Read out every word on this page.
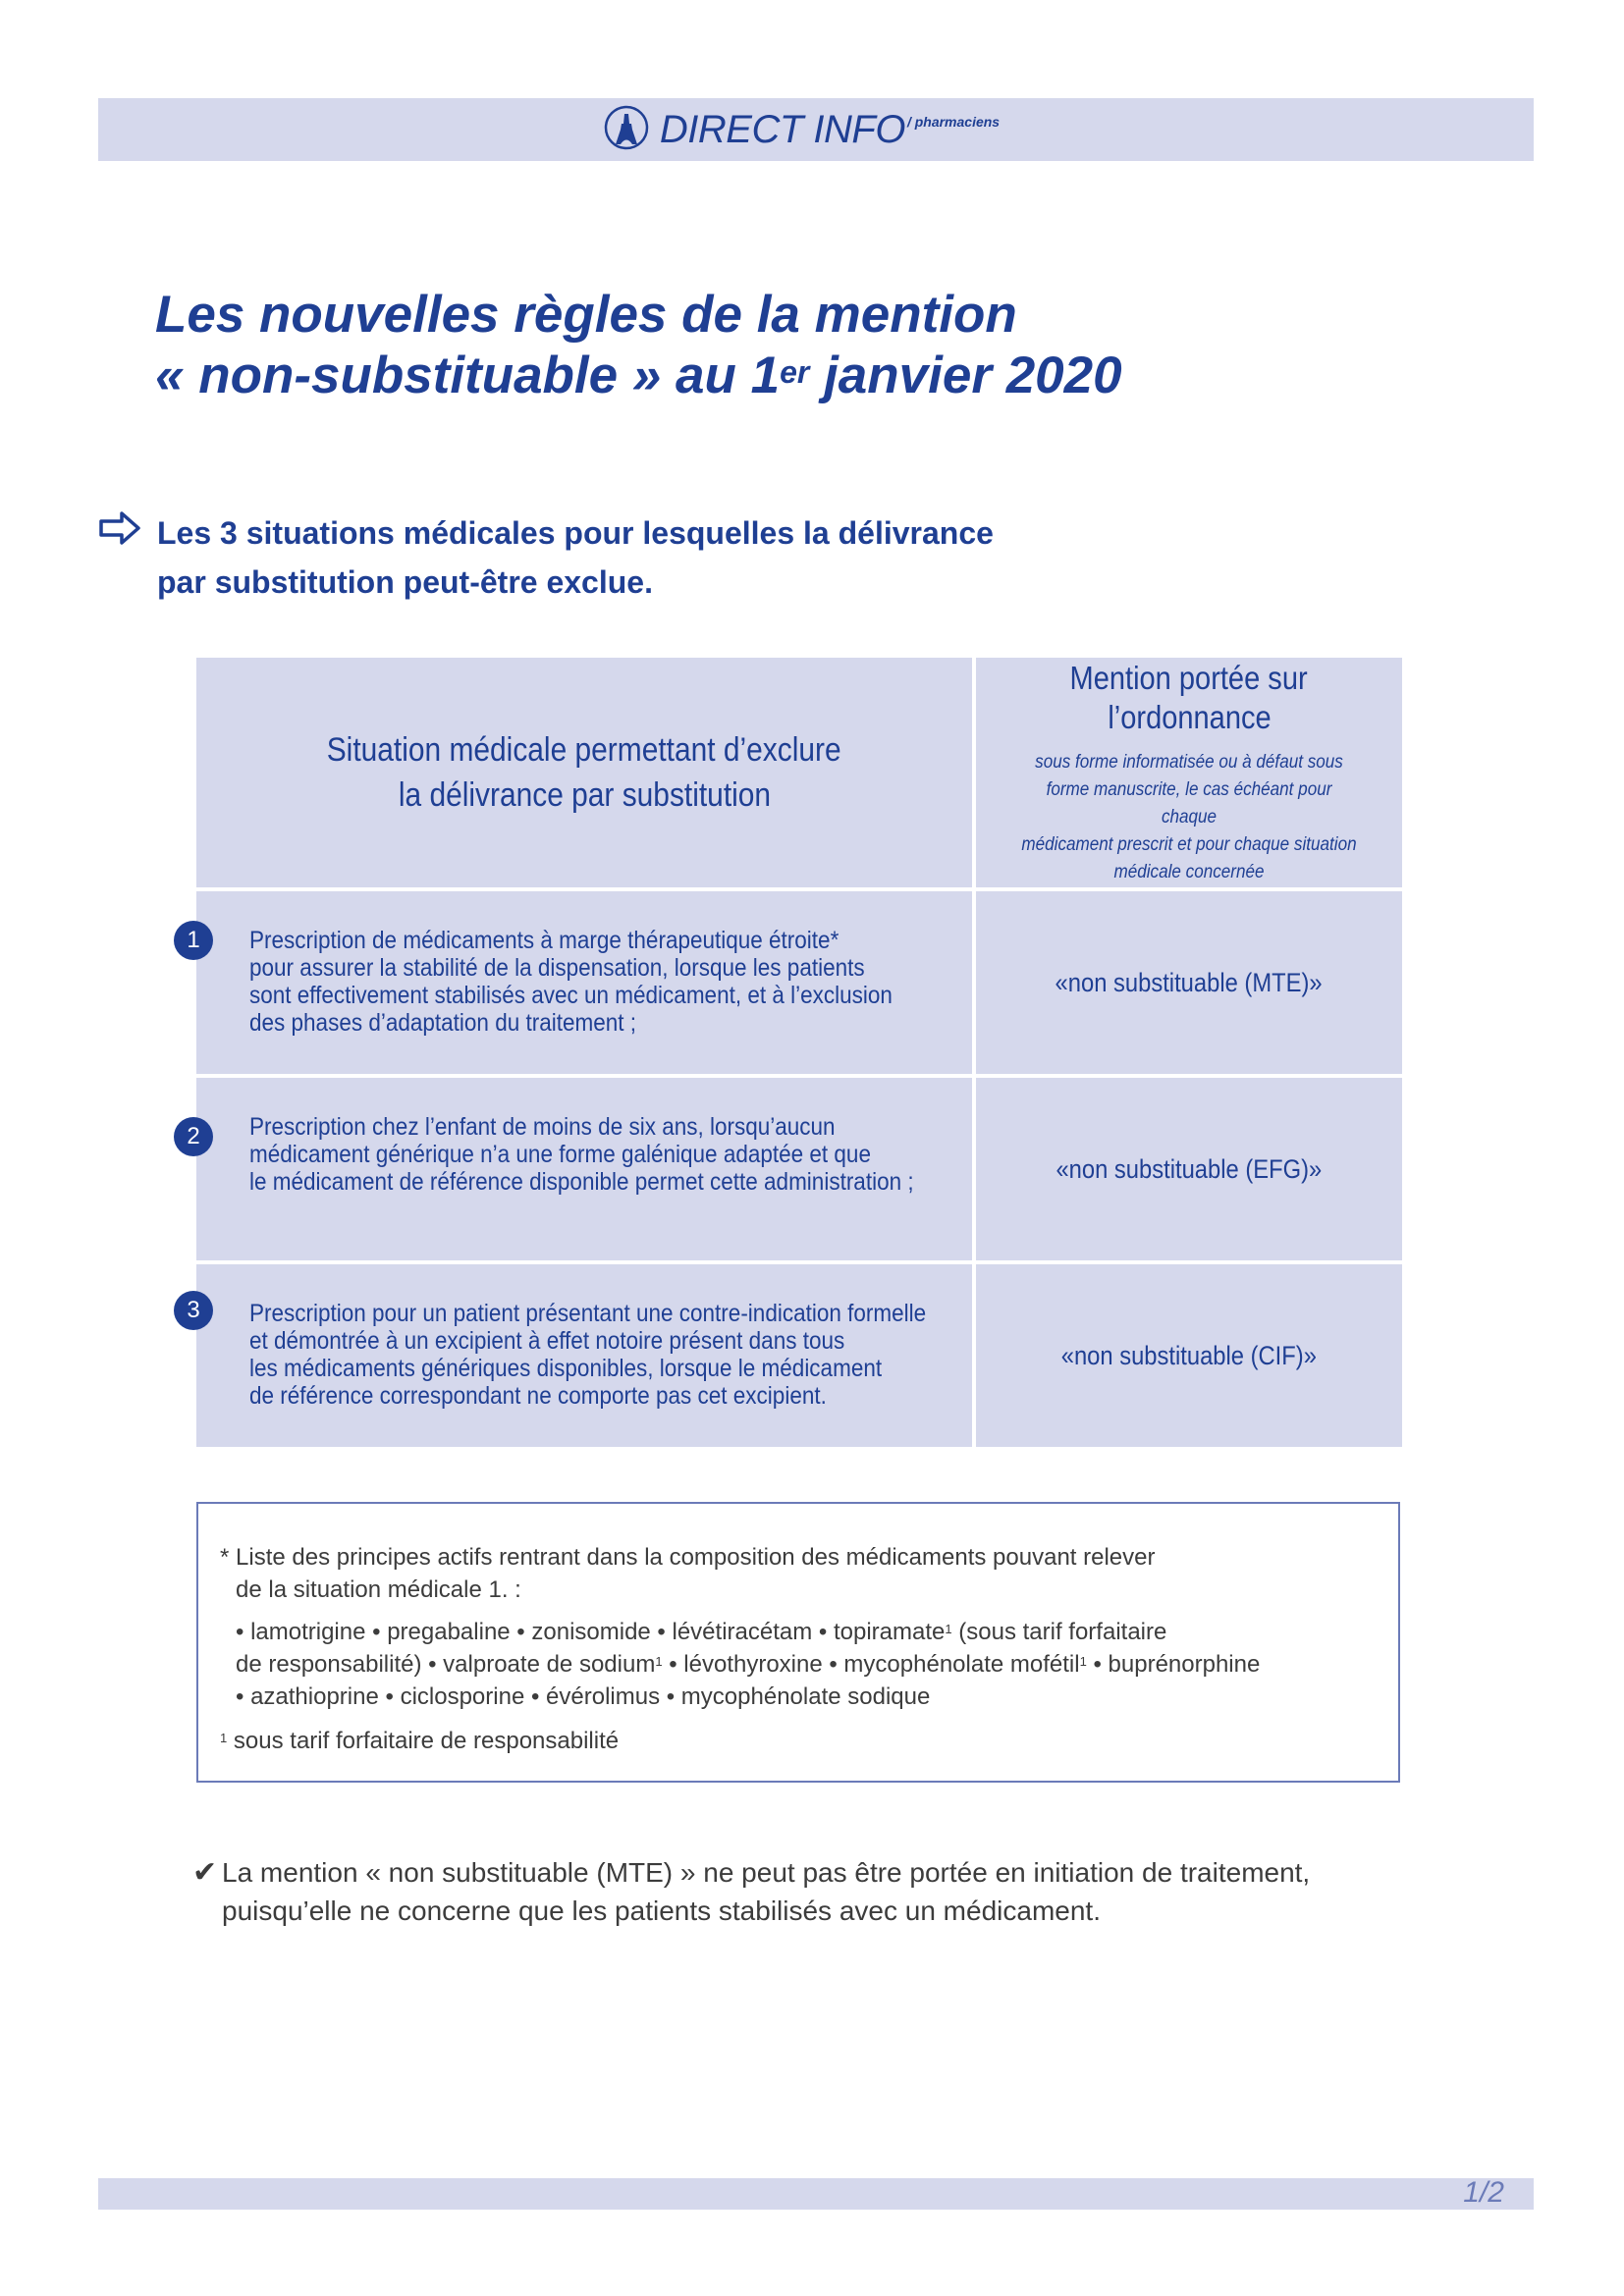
DIRECT INFO / pharmaciens
Les nouvelles règles de la mention
« non-substituable » au 1er janvier 2020
Les 3 situations médicales pour lesquelles la délivrance
par substitution peut-être exclue.
Situation médicale permettant d’exclure
la délivrance par substitution
Mention portée sur
l’ordonnance
sous forme informatisée ou à défaut sous
forme manuscrite, le cas échéant pour chaque
médicament prescrit et pour chaque situation
médicale concernée
Prescription de médicaments à marge thérapeutique étroite*
pour assurer la stabilité de la dispensation, lorsque les patients
sont effectivement stabilisés avec un médicament, et à l’exclusion
des phases d’adaptation du traitement ;
«non substituable (MTE)»
Prescription chez l’enfant de moins de six ans, lorsqu’aucun
médicament générique n’a une forme galénique adaptée et que
le médicament de référence disponible permet cette administration ;	«non substituable (EFG)»
Prescription pour un patient présentant une contre-indication formelle
et démontrée à un excipient à effet notoire présent dans tous
les médicaments génériques disponibles, lorsque le médicament
de référence correspondant ne comporte pas cet excipient.
«non substituable (CIF)»
1
2
3
* Liste des principes actifs rentrant dans la composition des médicaments pouvant relever
de la situation médicale 1. :
• lamotrigine • pregabaline • zonisomide • lévétiracétam • topiramate$^1$ (sous tarif forfaitaire
de responsabilité) • valproate de sodium$^1$ • lévothyroxine • mycophénolate mofétil$^1$ • buprénorphine
• azathioprine • ciclosporine • évérolimus • mycophénolate sodique
$^1$ sous tarif forfaitaire de responsabilité
✔ La mention « non substituable (MTE) » ne peut pas être portée en initiation de traitement,
puisqu’elle ne concerne que les patients stabilisés avec un médicament.
1/2
